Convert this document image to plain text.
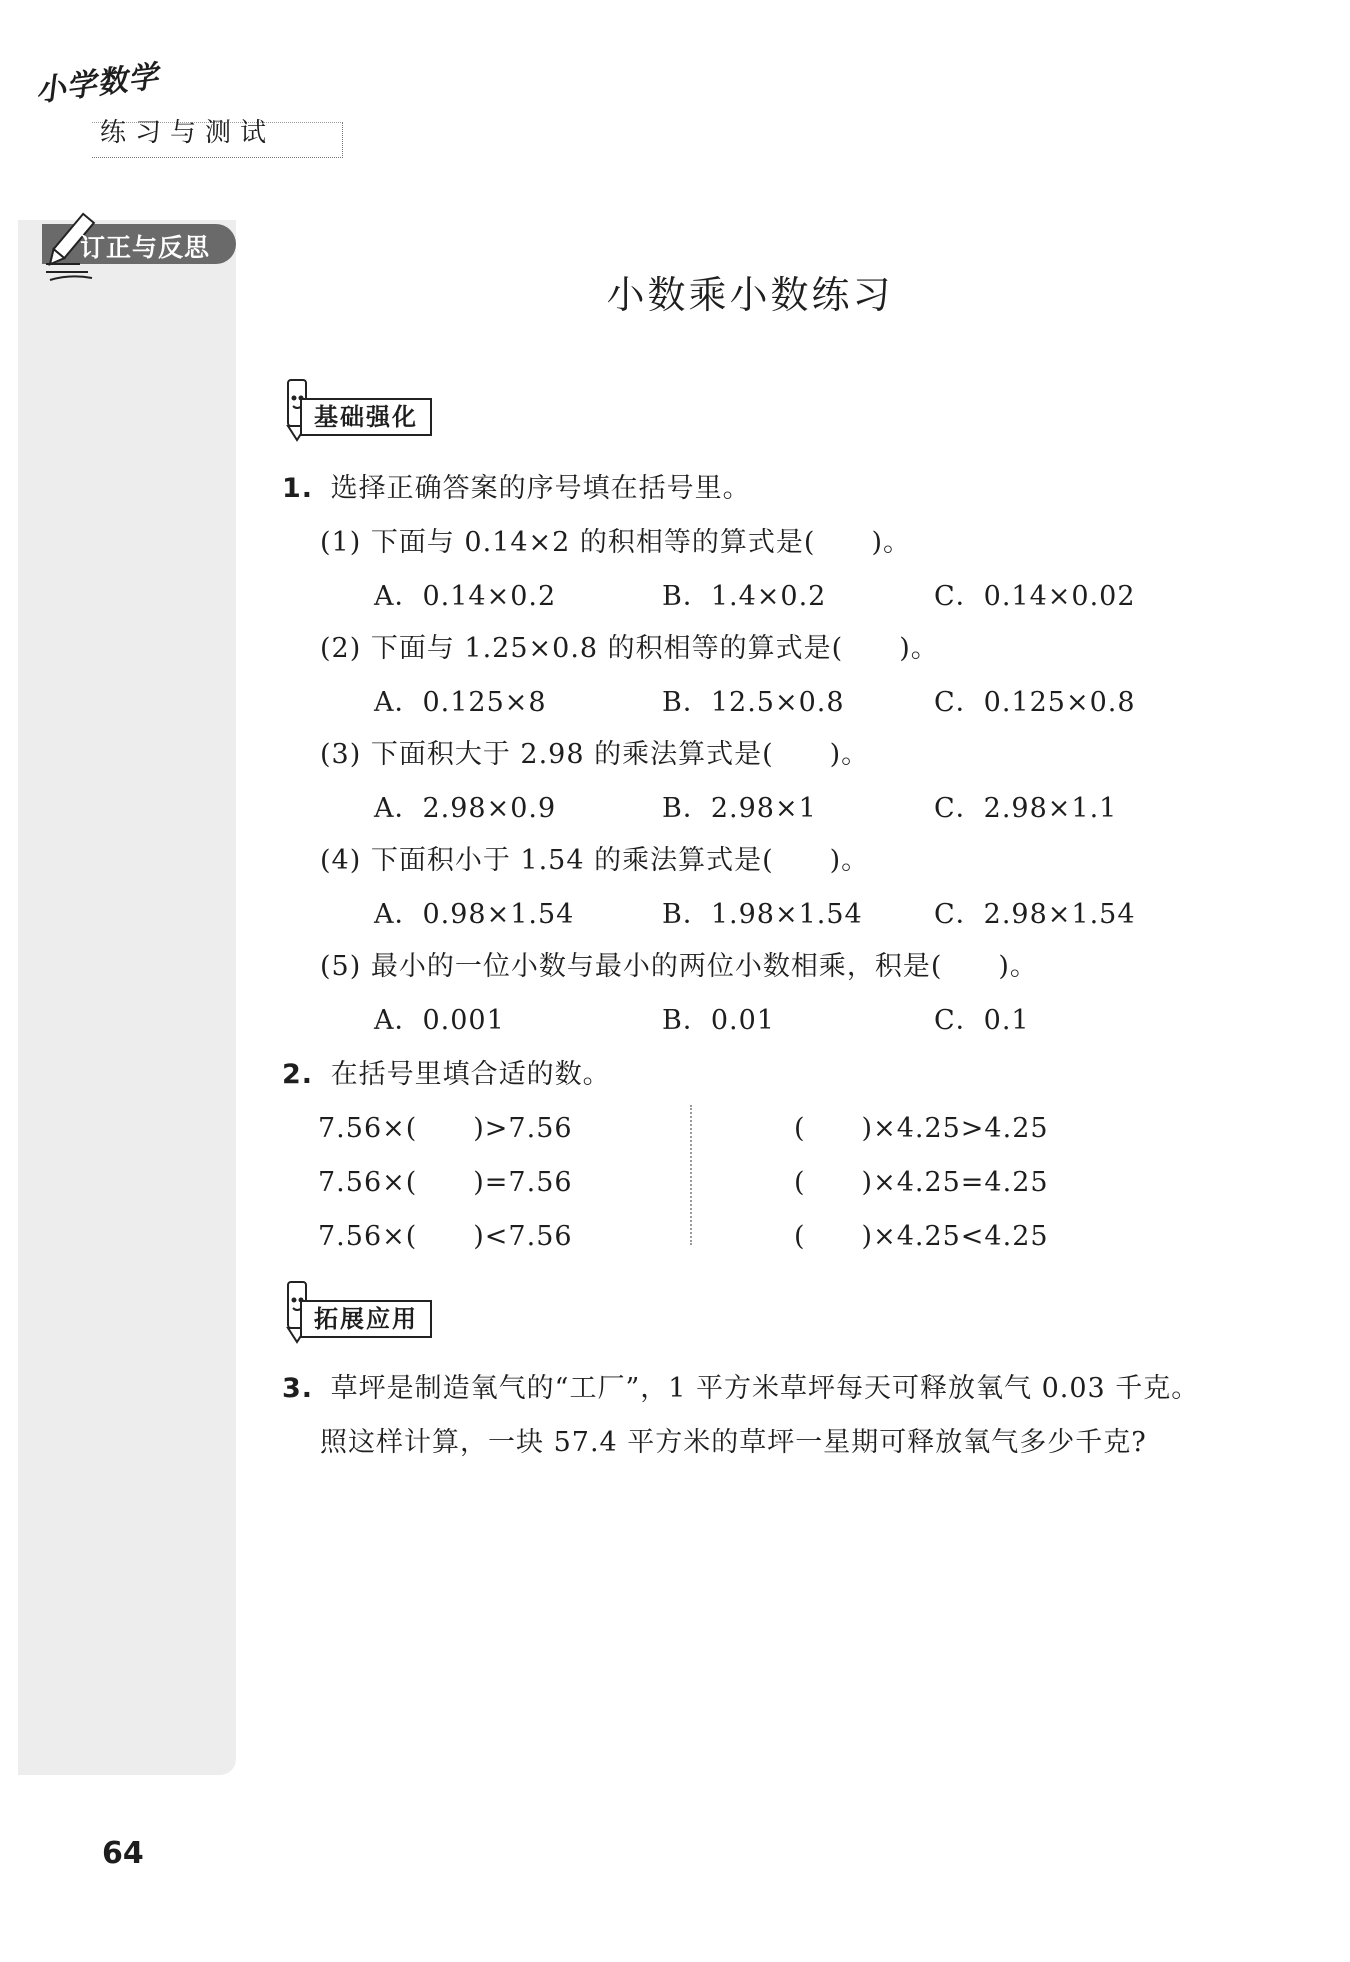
小学数学
练习与测试
订正与反思
小数乘小数练习
基础强化
1. 选择正确答案的序号填在括号里。
(1) 下面与 0.14×2 的积相等的算式是(　　)。
A．0.14×0.2	B．1.4×0.2	C．0.14×0.02
(2) 下面与 1.25×0.8 的积相等的算式是(　　)。
A．0.125×8	B．12.5×0.8	C．0.125×0.8
(3) 下面积大于 2.98 的乘法算式是(　　)。
A．2.98×0.9	B．2.98×1	C．2.98×1.1
(4) 下面积小于 1.54 的乘法算式是(　　)。
A．0.98×1.54	B．1.98×1.54	C．2.98×1.54
(5) 最小的一位小数与最小的两位小数相乘，积是(　　)。
A．0.001	B．0.01	C．0.1
2. 在括号里填合适的数。
7.56×(　　)>7.56
7.56×(　　)=7.56
7.56×(　　)<7.56
(　　)×4.25>4.25
(　　)×4.25=4.25
(　　)×4.25<4.25
拓展应用
3. 草坪是制造氧气的“工厂”，1 平方米草坪每天可释放氧气 0.03 千克。
照这样计算，一块 57.4 平方米的草坪一星期可释放氧气多少千克?
64
